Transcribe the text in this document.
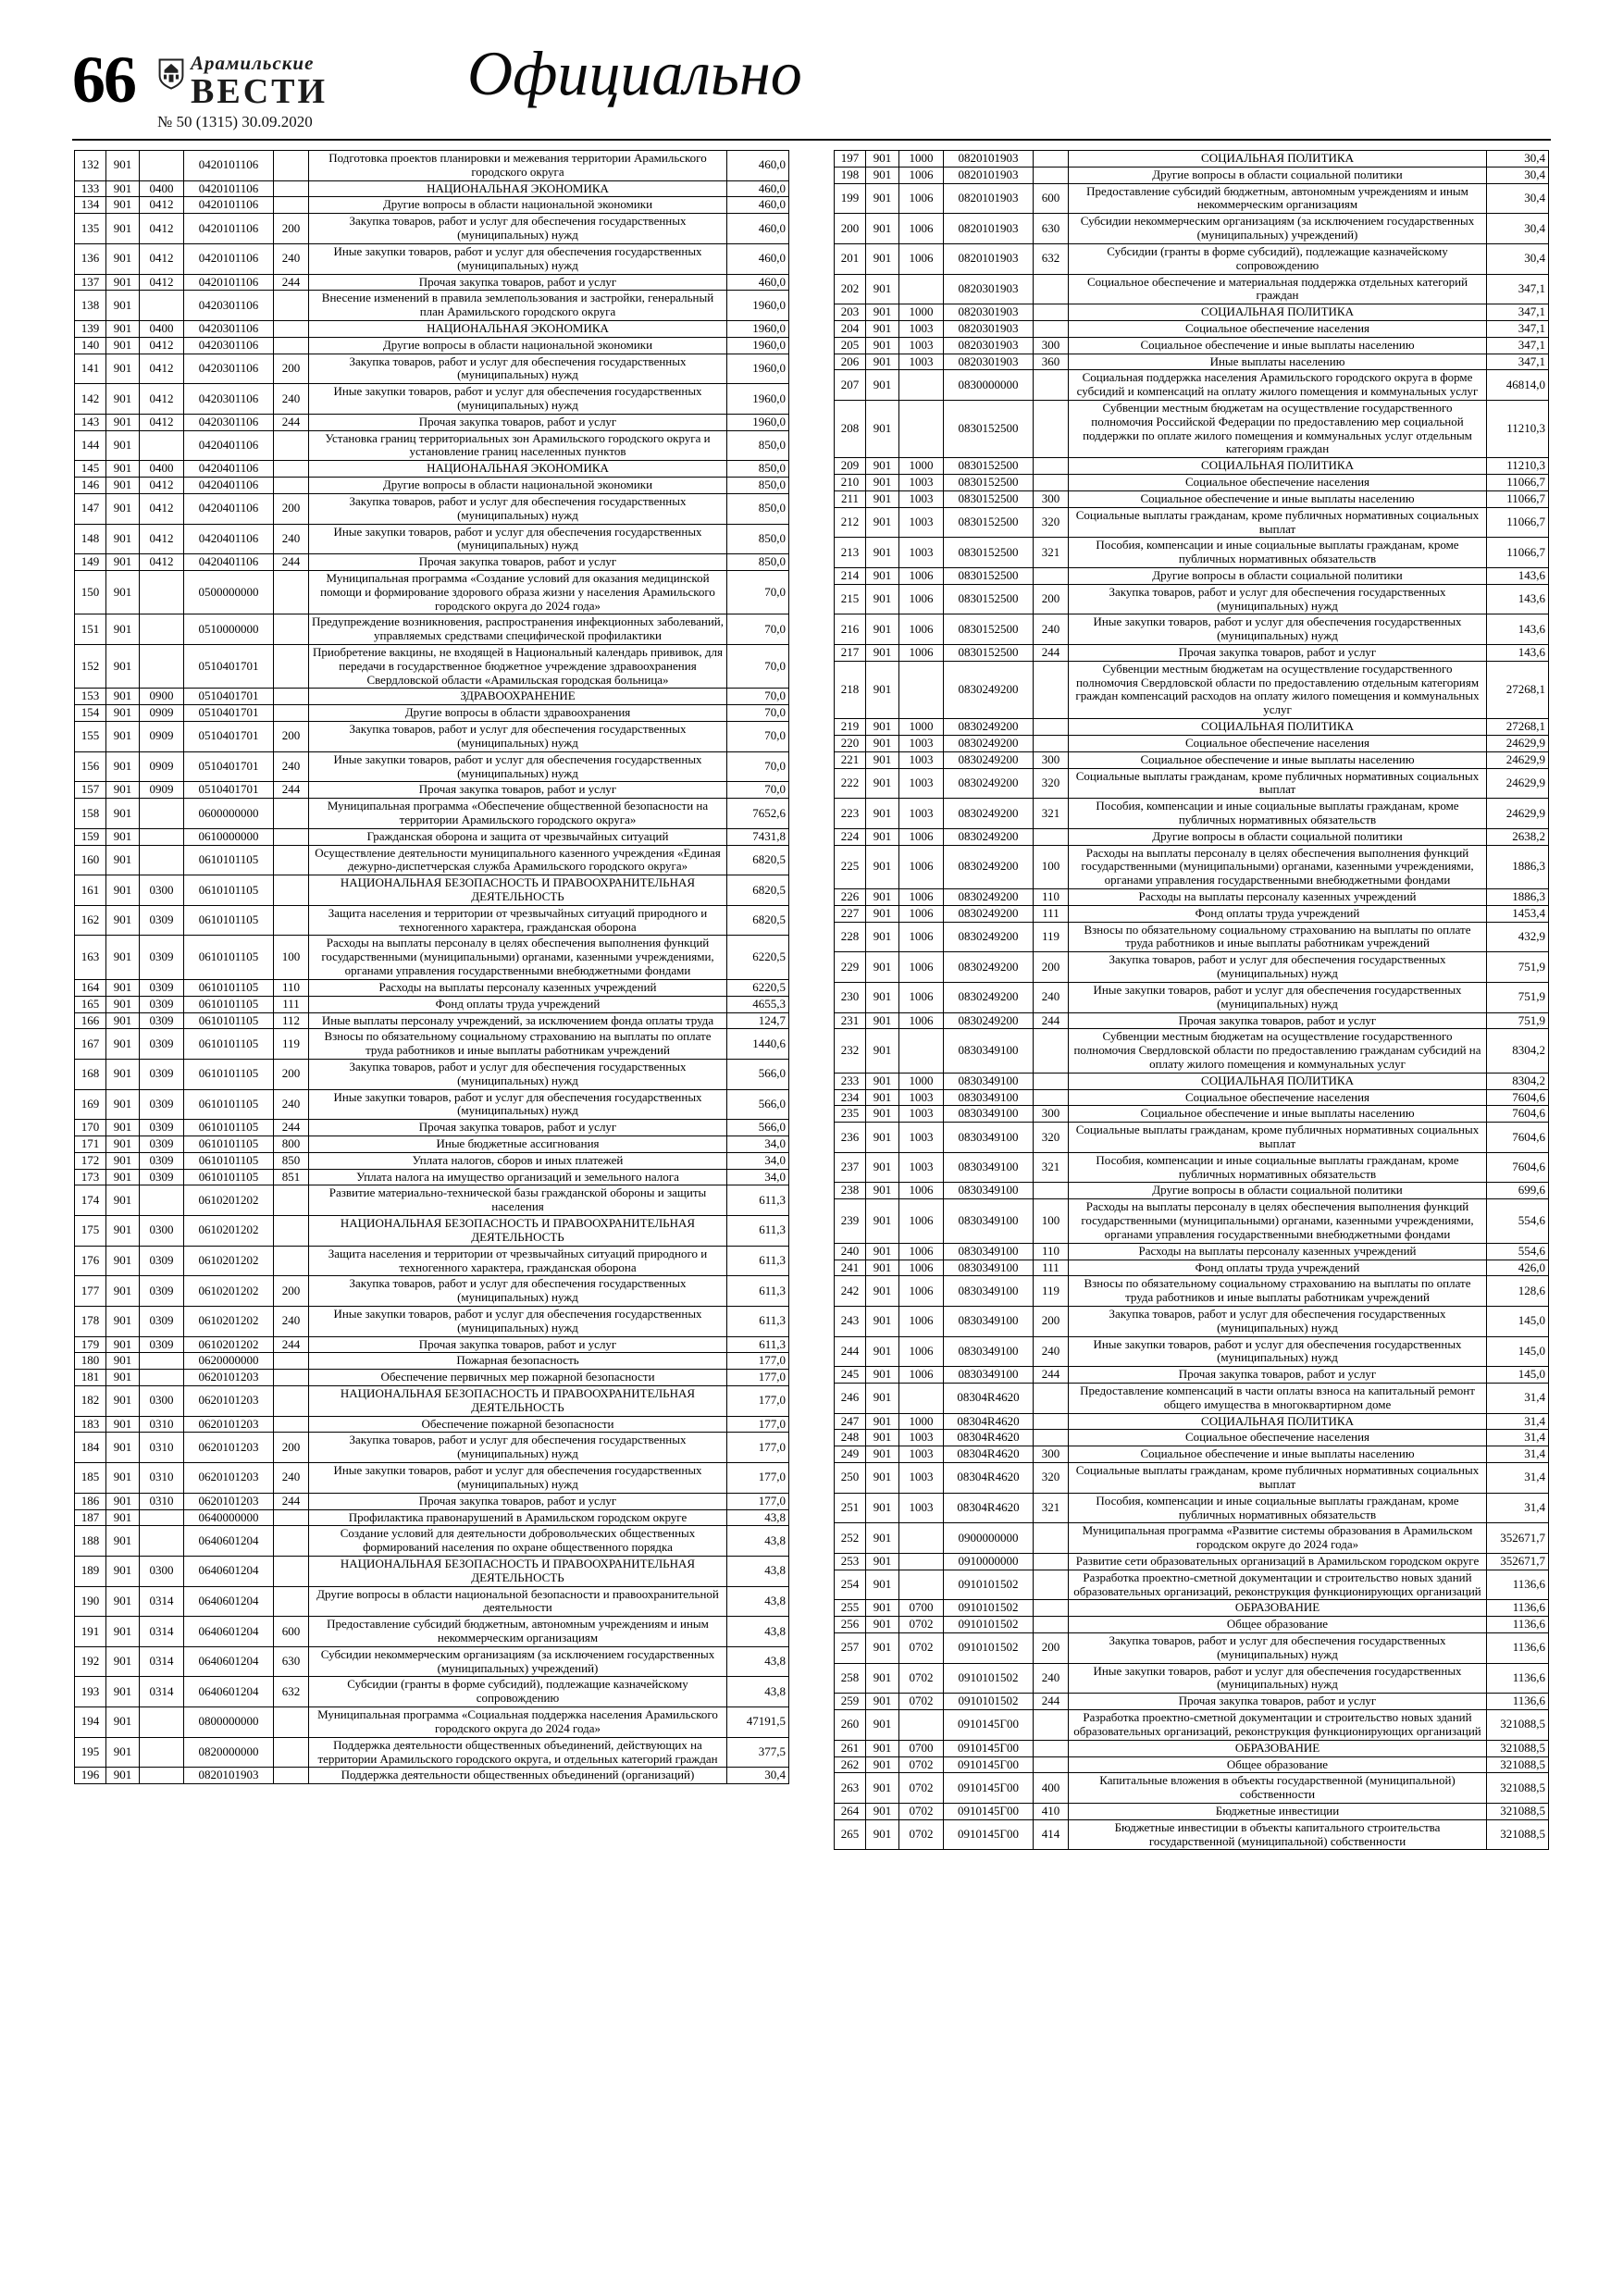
66	Арамильские
ВЕСТИ
№ 50 (1315) 30.09.2020
Официально
132	901		0420101106		Подготовка проектов планировки и межевания территории Арамильского городского округа	460,0
133	901	0400	0420101106		НАЦИОНАЛЬНАЯ ЭКОНОМИКА	460,0
134	901	0412	0420101106		Другие вопросы в области национальной экономики	460,0
135	901	0412	0420101106	200	Закупка товаров, работ и услуг для обеспечения государственных (муниципальных) нужд	460,0
136	901	0412	0420101106	240	Иные закупки товаров, работ и услуг для обеспечения государственных (муниципальных) нужд	460,0
137	901	0412	0420101106	244	Прочая закупка товаров, работ и услуг	460,0
138	901		0420301106		Внесение изменений в правила землепользования и застройки, генеральный план Арамильского городского округа	1960,0
139	901	0400	0420301106		НАЦИОНАЛЬНАЯ ЭКОНОМИКА	1960,0
140	901	0412	0420301106		Другие вопросы в области национальной экономики	1960,0
141	901	0412	0420301106	200	Закупка товаров, работ и услуг для обеспечения государственных (муниципальных) нужд	1960,0
142	901	0412	0420301106	240	Иные закупки товаров, работ и услуг для обеспечения государственных (муниципальных) нужд	1960,0
143	901	0412	0420301106	244	Прочая закупка товаров, работ и услуг	1960,0
144	901		0420401106		Установка границ территориальных зон Арамильского городского округа и установление границ населенных пунктов	850,0
145	901	0400	0420401106		НАЦИОНАЛЬНАЯ ЭКОНОМИКА	850,0
146	901	0412	0420401106		Другие вопросы в области национальной экономики	850,0
147	901	0412	0420401106	200	Закупка товаров, работ и услуг для обеспечения государственных (муниципальных) нужд	850,0
148	901	0412	0420401106	240	Иные закупки товаров, работ и услуг для обеспечения государственных (муниципальных) нужд	850,0
149	901	0412	0420401106	244	Прочая закупка товаров, работ и услуг	850,0
150	901		0500000000		Муниципальная программа «Создание условий для оказания медицинской помощи и формирование здорового образа жизни у населения Арамильского городского округа до 2024 года»	70,0
151	901		0510000000		Предупреждение возникновения, распространения инфекционных заболеваний, управляемых средствами специфической профилактики	70,0
152	901		0510401701		Приобретение вакцины, не входящей в Национальный календарь прививок, для передачи в государственное бюджетное учреждение здравоохранения Свердловской области «Арамильская городская больница»	70,0
153	901	0900	0510401701		ЗДРАВООХРАНЕНИЕ	70,0
154	901	0909	0510401701		Другие вопросы в области здравоохранения	70,0
155	901	0909	0510401701	200	Закупка товаров, работ и услуг для обеспечения государственных (муниципальных) нужд	70,0
156	901	0909	0510401701	240	Иные закупки товаров, работ и услуг для обеспечения государственных (муниципальных) нужд	70,0
157	901	0909	0510401701	244	Прочая закупка товаров, работ и услуг	70,0
158	901		0600000000		Муниципальная программа «Обеспечение общественной безопасности на территории Арамильского городского округа»	7652,6
159	901		0610000000		Гражданская оборона и защита от чрезвычайных ситуаций	7431,8
160	901		0610101105		Осуществление деятельности муниципального казенного учреждения «Единая дежурно-диспетчерская служба Арамильского городского округа»	6820,5
161	901	0300	0610101105		НАЦИОНАЛЬНАЯ БЕЗОПАСНОСТЬ И ПРАВООХРАНИТЕЛЬНАЯ ДЕЯТЕЛЬНОСТЬ	6820,5
162	901	0309	0610101105		Защита населения и территории от чрезвычайных ситуаций природного и техногенного характера, гражданская оборона	6820,5
163	901	0309	0610101105	100	Расходы на выплаты персоналу в целях обеспечения выполнения функций государственными (муниципальными) органами, казенными учреждениями, органами управления государственными внебюджетными фондами	6220,5
164	901	0309	0610101105	110	Расходы на выплаты персоналу казенных учреждений	6220,5
165	901	0309	0610101105	111	Фонд оплаты труда учреждений	4655,3
166	901	0309	0610101105	112	Иные выплаты персоналу учреждений, за исключением фонда оплаты труда	124,7
167	901	0309	0610101105	119	Взносы по обязательному социальному страхованию на выплаты по оплате труда работников и иные выплаты работникам учреждений	1440,6
168	901	0309	0610101105	200	Закупка товаров, работ и услуг для обеспечения государственных (муниципальных) нужд	566,0
169	901	0309	0610101105	240	Иные закупки товаров, работ и услуг для обеспечения государственных (муниципальных) нужд	566,0
170	901	0309	0610101105	244	Прочая закупка товаров, работ и услуг	566,0
171	901	0309	0610101105	800	Иные бюджетные ассигнования	34,0
172	901	0309	0610101105	850	Уплата налогов, сборов и иных платежей	34,0
173	901	0309	0610101105	851	Уплата налога на имущество организаций и земельного налога	34,0
174	901		0610201202		Развитие материально-технической базы гражданской обороны и защиты населения	611,3
175	901	0300	0610201202		НАЦИОНАЛЬНАЯ БЕЗОПАСНОСТЬ И ПРАВООХРАНИТЕЛЬНАЯ ДЕЯТЕЛЬНОСТЬ	611,3
176	901	0309	0610201202		Защита населения и территории от чрезвычайных ситуаций природного и техногенного характера, гражданская оборона	611,3
177	901	0309	0610201202	200	Закупка товаров, работ и услуг для обеспечения государственных (муниципальных) нужд	611,3
178	901	0309	0610201202	240	Иные закупки товаров, работ и услуг для обеспечения государственных (муниципальных) нужд	611,3
179	901	0309	0610201202	244	Прочая закупка товаров, работ и услуг	611,3
180	901		0620000000		Пожарная безопасность	177,0
181	901		0620101203		Обеспечение первичных мер пожарной безопасности	177,0
182	901	0300	0620101203		НАЦИОНАЛЬНАЯ БЕЗОПАСНОСТЬ И ПРАВООХРАНИТЕЛЬНАЯ ДЕЯТЕЛЬНОСТЬ	177,0
183	901	0310	0620101203		Обеспечение пожарной безопасности	177,0
184	901	0310	0620101203	200	Закупка товаров, работ и услуг для обеспечения государственных (муниципальных) нужд	177,0
185	901	0310	0620101203	240	Иные закупки товаров, работ и услуг для обеспечения государственных (муниципальных) нужд	177,0
186	901	0310	0620101203	244	Прочая закупка товаров, работ и услуг	177,0
187	901		0640000000		Профилактика правонарушений в Арамильском городском округе	43,8
188	901		0640601204		Создание условий для деятельности добровольческих общественных формирований населения по охране общественного порядка	43,8
189	901	0300	0640601204		НАЦИОНАЛЬНАЯ БЕЗОПАСНОСТЬ И ПРАВООХРАНИТЕЛЬНАЯ ДЕЯТЕЛЬНОСТЬ	43,8
190	901	0314	0640601204		Другие вопросы в области национальной безопасности и правоохранительной деятельности	43,8
191	901	0314	0640601204	600	Предоставление субсидий бюджетным, автономным учреждениям и иным некоммерческим организациям	43,8
192	901	0314	0640601204	630	Субсидии некоммерческим организациям (за исключением государственных (муниципальных) учреждений)	43,8
193	901	0314	0640601204	632	Субсидии (гранты в форме субсидий), подлежащие казначейскому сопровождению	43,8
194	901		0800000000		Муниципальная программа «Социальная поддержка населения Арамильского городского округа до 2024 года»	47191,5
195	901		0820000000		Поддержка деятельности общественных объединений, действующих на территории Арамильского городского округа, и отдельных категорий граждан	377,5
196	901		0820101903		Поддержка деятельности общественных объединений (организаций)	30,4
197	901	1000	0820101903		СОЦИАЛЬНАЯ ПОЛИТИКА	30,4
198	901	1006	0820101903		Другие вопросы в области социальной политики	30,4
199	901	1006	0820101903	600	Предоставление субсидий бюджетным, автономным учреждениям и иным некоммерческим организациям	30,4
200	901	1006	0820101903	630	Субсидии некоммерческим организациям (за исключением государственных (муниципальных) учреждений)	30,4
201	901	1006	0820101903	632	Субсидии (гранты в форме субсидий), подлежащие казначейскому сопровождению	30,4
202	901		0820301903		Социальное обеспечение и материальная поддержка отдельных категорий граждан	347,1
203	901	1000	0820301903		СОЦИАЛЬНАЯ ПОЛИТИКА	347,1
204	901	1003	0820301903		Социальное обеспечение населения	347,1
205	901	1003	0820301903	300	Социальное обеспечение и иные выплаты населению	347,1
206	901	1003	0820301903	360	Иные выплаты населению	347,1
207	901		0830000000		Социальная поддержка населения Арамильского городского округа в форме субсидий и компенсаций на оплату жилого помещения и коммунальных услуг	46814,0
208	901		0830152500		Субвенции местным бюджетам на осуществление государственного полномочия Российской Федерации по предоставлению мер социальной поддержки по оплате жилого помещения и коммунальных услуг отдельным категориям граждан	11210,3
209	901	1000	0830152500		СОЦИАЛЬНАЯ ПОЛИТИКА	11210,3
210	901	1003	0830152500		Социальное обеспечение населения	11066,7
211	901	1003	0830152500	300	Социальное обеспечение и иные выплаты населению	11066,7
212	901	1003	0830152500	320	Социальные выплаты гражданам, кроме публичных нормативных социальных выплат	11066,7
213	901	1003	0830152500	321	Пособия, компенсации и иные социальные выплаты гражданам, кроме публичных нормативных обязательств	11066,7
214	901	1006	0830152500		Другие вопросы в области социальной политики	143,6
215	901	1006	0830152500	200	Закупка товаров, работ и услуг для обеспечения государственных (муниципальных) нужд	143,6
216	901	1006	0830152500	240	Иные закупки товаров, работ и услуг для обеспечения государственных (муниципальных) нужд	143,6
217	901	1006	0830152500	244	Прочая закупка товаров, работ и услуг	143,6
218	901		0830249200		Субвенции местным бюджетам на осуществление государственного полномочия Свердловской области по предоставлению отдельным категориям граждан компенсаций расходов на оплату жилого помещения и коммунальных услуг	27268,1
219	901	1000	0830249200		СОЦИАЛЬНАЯ ПОЛИТИКА	27268,1
220	901	1003	0830249200		Социальное обеспечение населения	24629,9
221	901	1003	0830249200	300	Социальное обеспечение и иные выплаты населению	24629,9
222	901	1003	0830249200	320	Социальные выплаты гражданам, кроме публичных нормативных социальных выплат	24629,9
223	901	1003	0830249200	321	Пособия, компенсации и иные социальные выплаты гражданам, кроме публичных нормативных обязательств	24629,9
224	901	1006	0830249200		Другие вопросы в области социальной политики	2638,2
225	901	1006	0830249200	100	Расходы на выплаты персоналу в целях обеспечения выполнения функций государственными (муниципальными) органами, казенными учреждениями, органами управления государственными внебюджетными фондами	1886,3
226	901	1006	0830249200	110	Расходы на выплаты персоналу казенных учреждений	1886,3
227	901	1006	0830249200	111	Фонд оплаты труда учреждений	1453,4
228	901	1006	0830249200	119	Взносы по обязательному социальному страхованию на выплаты по оплате труда работников и иные выплаты работникам учреждений	432,9
229	901	1006	0830249200	200	Закупка товаров, работ и услуг для обеспечения государственных (муниципальных) нужд	751,9
230	901	1006	0830249200	240	Иные закупки товаров, работ и услуг для обеспечения государственных (муниципальных) нужд	751,9
231	901	1006	0830249200	244	Прочая закупка товаров, работ и услуг	751,9
232	901		0830349100		Субвенции местным бюджетам на осуществление государственного полномочия Свердловской области по предоставлению гражданам субсидий на оплату жилого помещения и коммунальных услуг	8304,2
233	901	1000	0830349100		СОЦИАЛЬНАЯ ПОЛИТИКА	8304,2
234	901	1003	0830349100		Социальное обеспечение населения	7604,6
235	901	1003	0830349100	300	Социальное обеспечение и иные выплаты населению	7604,6
236	901	1003	0830349100	320	Социальные выплаты гражданам, кроме публичных нормативных социальных выплат	7604,6
237	901	1003	0830349100	321	Пособия, компенсации и иные социальные выплаты гражданам, кроме публичных нормативных обязательств	7604,6
238	901	1006	0830349100		Другие вопросы в области социальной политики	699,6
239	901	1006	0830349100	100	Расходы на выплаты персоналу в целях обеспечения выполнения функций государственными (муниципальными) органами, казенными учреждениями, органами управления государственными внебюджетными фондами	554,6
240	901	1006	0830349100	110	Расходы на выплаты персоналу казенных учреждений	554,6
241	901	1006	0830349100	111	Фонд оплаты труда учреждений	426,0
242	901	1006	0830349100	119	Взносы по обязательному социальному страхованию на выплаты по оплате труда работников и иные выплаты работникам учреждений	128,6
243	901	1006	0830349100	200	Закупка товаров, работ и услуг для обеспечения государственных (муниципальных) нужд	145,0
244	901	1006	0830349100	240	Иные закупки товаров, работ и услуг для обеспечения государственных (муниципальных) нужд	145,0
245	901	1006	0830349100	244	Прочая закупка товаров, работ и услуг	145,0
246	901		08304R4620		Предоставление компенсаций в части оплаты взноса на капитальный ремонт общего имущества в многоквартирном доме	31,4
247	901	1000	08304R4620		СОЦИАЛЬНАЯ ПОЛИТИКА	31,4
248	901	1003	08304R4620		Социальное обеспечение населения	31,4
249	901	1003	08304R4620	300	Социальное обеспечение и иные выплаты населению	31,4
250	901	1003	08304R4620	320	Социальные выплаты гражданам, кроме публичных нормативных социальных выплат	31,4
251	901	1003	08304R4620	321	Пособия, компенсации и иные социальные выплаты гражданам, кроме публичных нормативных обязательств	31,4
252	901		0900000000		Муниципальная программа «Развитие системы образования в Арамильском городском округе до 2024 года»	352671,7
253	901		0910000000		Развитие сети образовательных организаций в Арамильском городском округе	352671,7
254	901		0910101502		Разработка проектно-сметной документации и строительство новых зданий образовательных организаций, реконструкция функционирующих организаций	1136,6
255	901	0700	0910101502		ОБРАЗОВАНИЕ	1136,6
256	901	0702	0910101502		Общее образование	1136,6
257	901	0702	0910101502	200	Закупка товаров, работ и услуг для обеспечения государственных (муниципальных) нужд	1136,6
258	901	0702	0910101502	240	Иные закупки товаров, работ и услуг для обеспечения государственных (муниципальных) нужд	1136,6
259	901	0702	0910101502	244	Прочая закупка товаров, работ и услуг	1136,6
260	901		0910145Г00		Разработка проектно-сметной документации и строительство новых зданий образовательных организаций, реконструкция функционирующих организаций	321088,5
261	901	0700	0910145Г00		ОБРАЗОВАНИЕ	321088,5
262	901	0702	0910145Г00		Общее образование	321088,5
263	901	0702	0910145Г00	400	Капитальные вложения в объекты государственной (муниципальной) собственности	321088,5
264	901	0702	0910145Г00	410	Бюджетные инвестиции	321088,5
265	901	0702	0910145Г00	414	Бюджетные инвестиции в объекты капитального строительства государственной (муниципальной) собственности	321088,5
